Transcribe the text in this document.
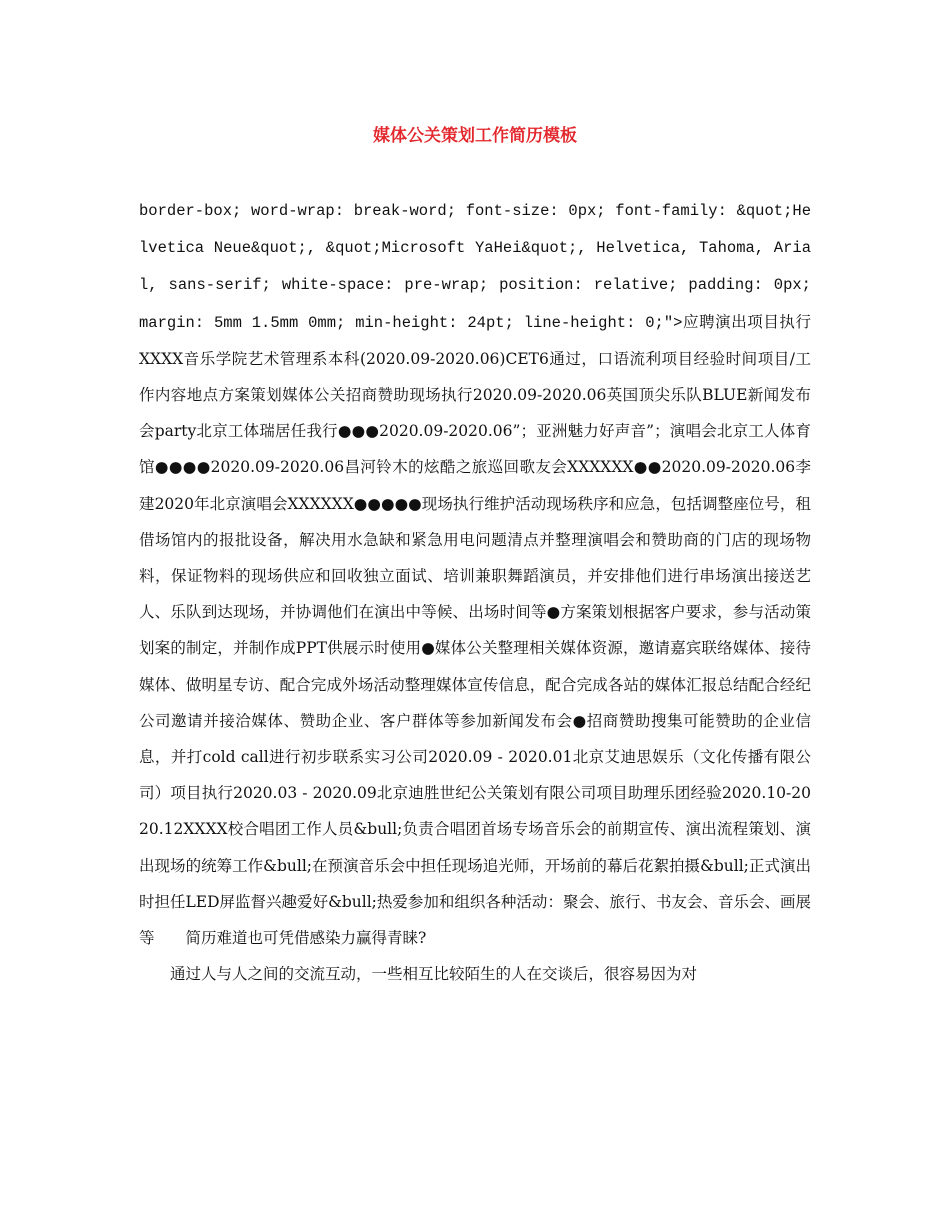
媒体公关策划工作简历模板

border-box; word-wrap: break-word; font-size: 0px; font-family: &quot;Helvetica Neue&quot;, &quot;Microsoft YaHei&quot;, Helvetica, Tahoma, Arial, sans-serif; white-space: pre-wrap; position: relative; padding: 0px; margin: 5mm 1.5mm 0mm; min-height: 24pt; line-height: 0;">应聘演出项目执行XXXX音乐学院艺术管理系本科(2020.09-2020.06)CET6通过，口语流利项目经验时间项目/工作内容地点方案策划媒体公关招商赞助现场执行2020.09-2020.06英国顶尖乐队BLUE新闻发布会party北京工体瑞居任我行●●●2020.09-2020.06”；亚洲魅力好声音”；演唱会北京工人体育馆●●●●2020.09-2020.06昌河铃木的炫酷之旅巡回歌友会XXXXXX●●2020.09-2020.06李建2020年北京演唱会XXXXXX●●●●●现场执行维护活动现场秩序和应急，包括调整座位号，租借场馆内的报批设备，解决用水急缺和紧急用电问题清点并整理演唱会和赞助商的门店的现场物料，保证物料的现场供应和回收独立面试、培训兼职舞蹈演员，并安排他们进行串场演出接送艺人、乐队到达现场，并协调他们在演出中等候、出场时间等●方案策划根据客户要求，参与活动策划案的制定，并制作成PPT供展示时使用●媒体公关整理相关媒体资源，邀请嘉宾联络媒体、接待媒体、做明星专访、配合完成外场活动整理媒体宣传信息，配合完成各站的媒体汇报总结配合经纪公司邀请并接洽媒体、赞助企业、客户群体等参加新闻发布会●招商赞助搜集可能赞助的企业信息，并打cold call进行初步联系实习公司2020.09 - 2020.01北京艾迪思娱乐（文化传播有限公司）项目执行2020.03 - 2020.09北京迪胜世纪公关策划有限公司项目助理乐团经验2020.10-2020.12XXXX校合唱团工作人员&bull;负责合唱团首场专场音乐会的前期宣传、演出流程策划、演出现场的统筹工作&bull;在预演音乐会中担任现场追光师，开场前的幕后花絮拍摄&bull;正式演出时担任LED屏监督兴趣爱好&bull;热爱参加和组织各种活动：聚会、旅行、书友会、音乐会、画展等　　简历难道也可凭借感染力赢得青睐?

通过人与人之间的交流互动，一些相互比较陌生的人在交谈后，很容易因为对
